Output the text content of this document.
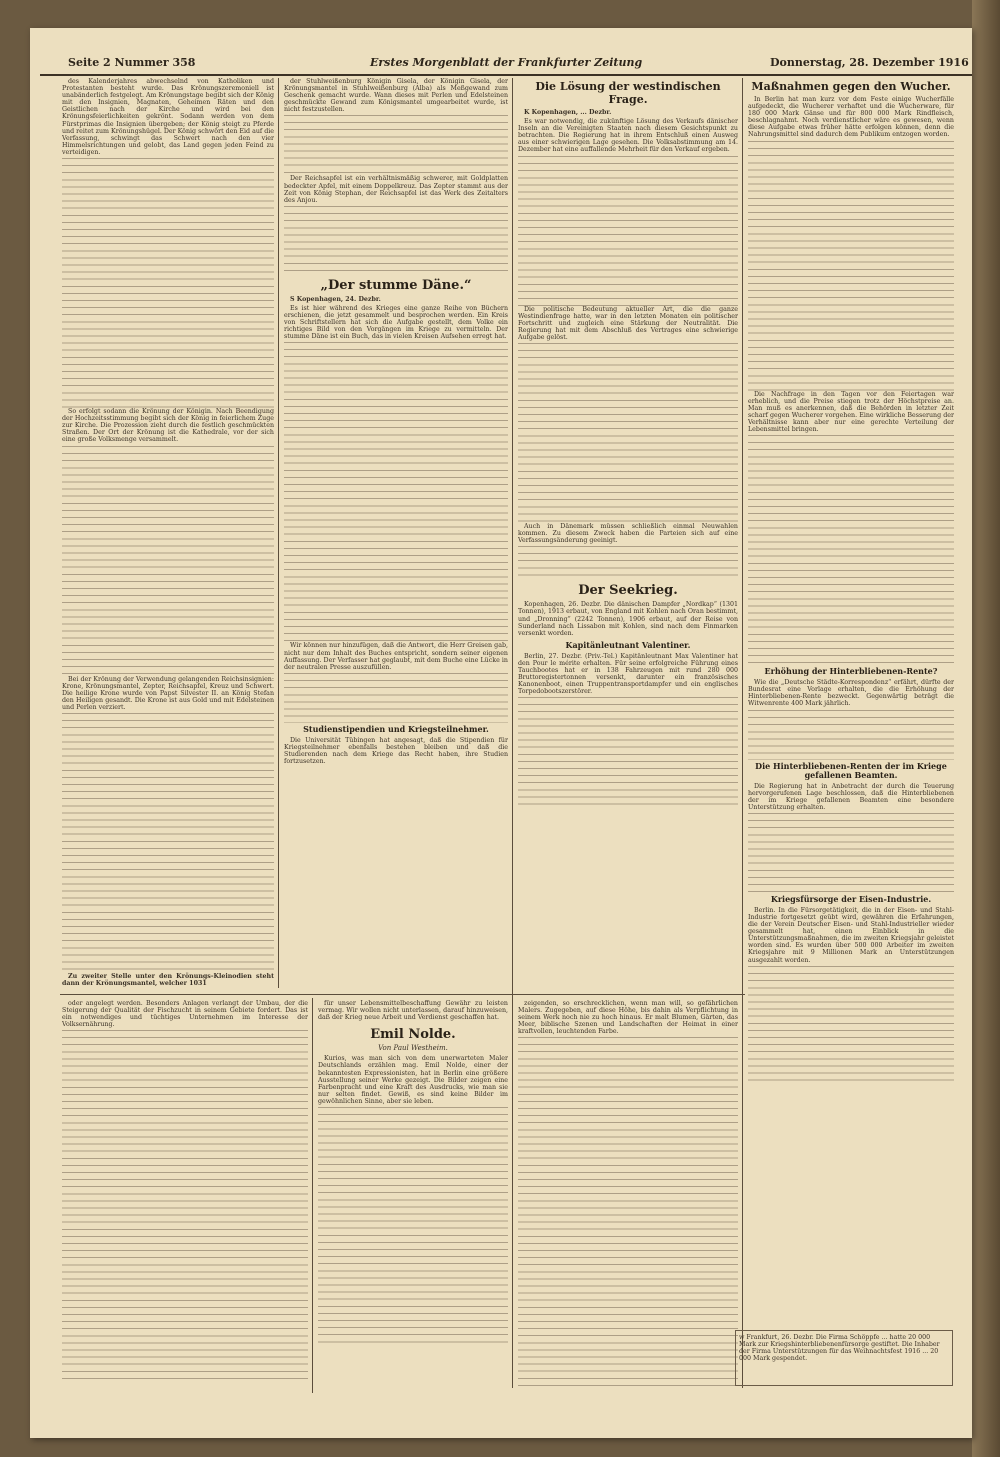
Seite 2 Nummer 358	Erstes Morgenblatt der Frankfurter Zeitung	Donnerstag, 28. Dezember 1916

des Kalenderjahres abwechselnd von Katholiken und Protestanten besteht wurde. Das Krönungszeremoniell ist unabänderlich festgelegt. Am Krönungstage begibt sich der König mit den Insignien, Magnaten, Geheimen Räten und den Geistlichen nach der Kirche und wird bei den Krönungsfeierlichkeiten gekrönt. Sodann werden von dem Fürstprimas die Insignien übergeben; der König steigt zu Pferde und reitet zum Krönungshügel. Der König schwört den Eid auf die Verfassung, schwingt das Schwert nach den vier Himmelsrichtungen und gelobt, das Land gegen jeden Feind zu verteidigen.

So erfolgt sodann die Krönung der Königin. Nach Beendigung der Hochzeitsstimmung begibt sich der König in feierlichem Zuge zur Kirche. Die Prozession zieht durch die festlich geschmückten Straßen. Der Ort der Krönung ist die Kathedrale, vor der sich eine große Volksmenge versammelt.

Bei der Krönung der Verwendung gelangenden Reichsinsignien: Krone, Krönungsmantel, Zepter, Reichsapfel, Kreuz und Schwert. Die heilige Krone wurde von Papst Silvester II. an König Stefan den Heiligen gesandt. Die Krone ist aus Gold und mit Edelsteinen und Perlen verziert.

Zu zweiter Stelle unter den Krönungs-Kleinodien steht dann der Krönungsmantel, welcher 1031

oder angelegt werden. Besonders Anlagen verlangt der Umbau, der die Steigerung der Qualität der Fischzucht in seinem Gebiete fordert. Das ist ein notwendiges und tüchtiges Unternehmen im Interesse der Volksernährung.

der Stuhlweißenburg Königin Gisela, der Königin Gisela, der Krönungsmantel in Stuhlweißenburg (Alba) als Meßgewand zum Geschenk gemacht wurde. Wann dieses mit Perlen und Edelsteinen geschmückte Gewand zum Königsmantel umgearbeitet wurde, ist nicht festzustellen.

Der Reichsapfel ist ein verhältnismäßig schwerer, mit Goldplatten bedeckter Apfel, mit einem Doppelkreuz. Das Zepter stammt aus der Zeit von König Stephan, der Reichsapfel ist das Werk des Zeitalters des Anjou.

„Der stumme Däne.“

S Kopenhagen, 24. Dezbr.

Es ist hier während des Krieges eine ganze Reihe von Büchern erschienen, die jetzt gesammelt und besprochen werden. Ein Kreis von Schriftstellern hat sich die Aufgabe gestellt, dem Volke ein richtiges Bild von den Vorgängen im Kriege zu vermitteln. Der stumme Däne ist ein Buch, das in vielen Kreisen Aufsehen erregt hat.

Wir können nur hinzufügen, daß die Antwort, die Herr Greisen gab, nicht nur dem Inhalt des Buches entspricht, sondern seiner eigenen Auffassung. Der Verfasser hat geglaubt, mit dem Buche eine Lücke in der neutralen Presse auszufüllen.

Studienstipendien und Kriegsteilnehmer.

Die Universität Tübingen hat angesagt, daß die Stipendien für Kriegsteilnehmer ebenfalls bestehen bleiben und daß die Studierenden nach dem Kriege das Recht haben, ihre Studien fortzusetzen.

für unser Lebensmittelbeschaffung Gewähr zu leisten vermag. Wir wollen nicht unterlassen, darauf hinzuweisen, daß der Krieg neue Arbeit und Verdienst geschaffen hat.

Emil Nolde.
Von Paul Westheim.

Kurios, was man sich von dem unerwarteten Maler Deutschlands erzählen mag. Emil Nolde, einer der bekanntesten Expressionisten, hat in Berlin eine größere Ausstellung seiner Werke gezeigt. Die Bilder zeigen eine Farbenpracht und eine Kraft des Ausdrucks, wie man sie nur selten findet. Gewiß, es sind keine Bilder im gewöhnlichen Sinne, aber sie leben.

Die Lösung der westindischen Frage.

K Kopenhagen, ... Dezbr.

Es war notwendig, die zukünftige Lösung des Verkaufs dänischer Inseln an die Vereinigten Staaten nach diesem Gesichtspunkt zu betrachten. Die Regierung hat in ihrem Entschluß einen Ausweg aus einer schwierigen Lage gesehen. Die Volksabstimmung am 14. Dezember hat eine auffallende Mehrheit für den Verkauf ergeben.

Die politische Bedeutung aktueller Art, die die ganze Westindienfrage hatte, war in den letzten Monaten ein politischer Fortschritt und zugleich eine Stärkung der Neutralität. Die Regierung hat mit dem Abschluß des Vertrages eine schwierige Aufgabe gelöst.

Auch in Dänemark müssen schließlich einmal Neuwahlen kommen. Zu diesem Zweck haben die Parteien sich auf eine Verfassungsänderung geeinigt.

Der Seekrieg.

Kopenhagen, 26. Dezbr. Die dänischen Dampfer „Nordkap“ (1301 Tonnen), 1913 erbaut, von England mit Kohlen nach Oran bestimmt, und „Dronning“ (2242 Tonnen), 1906 erbaut, auf der Reise von Sunderland nach Lissabon mit Kohlen, sind nach dem Finmarken versenkt worden.

Kapitänleutnant Valentiner.

Berlin, 27. Dezbr. (Priv.-Tel.) Kapitänleutnant Max Valentiner hat den Pour le mérite erhalten. Für seine erfolgreiche Führung eines Tauchbootes hat er in 138 Fahrzeugen mit rund 280 000 Bruttoregistertonnen versenkt, darunter ein französisches Kanonenboot, einen Truppentransportdampfer und ein englisches Torpedobootszerstörer.

zeigenden, so erschrecklichen, wenn man will, so gefährlichen Malers. Zugegeben, auf diese Höhe, bis dahin als Verpflichtung in seinem Werk noch nie zu hoch hinaus. Er malt Blumen, Gärten, das Meer, biblische Szenen und Landschaften der Heimat in einer kraftvollen, leuchtenden Farbe.

Maßnahmen gegen den Wucher.

In Berlin hat man kurz vor dem Feste einige Wucherfälle aufgedeckt, die Wucherer verhaftet und die Wucherware, für 180 000 Mark Gänse und für 800 000 Mark Rindfleisch, beschlagnahmt. Noch verdienstlicher wäre es gewesen, wenn diese Aufgabe etwas früher hätte erfolgen können, denn die Nahrungsmittel sind dadurch dem Publikum entzogen worden.

Die Nachfrage in den Tagen vor den Feiertagen war erheblich, und die Preise stiegen trotz der Höchstpreise an. Man muß es anerkennen, daß die Behörden in letzter Zeit scharf gegen Wucherer vorgehen. Eine wirkliche Besserung der Verhältnisse kann aber nur eine gerechte Verteilung der Lebensmittel bringen.

Erhöhung der Hinterbliebenen-Rente?

Wie die „Deutsche Städte-Korrespondenz“ erfährt, dürfte der Bundesrat eine Vorlage erhalten, die die Erhöhung der Hinterbliebenen-Rente bezweckt. Gegenwärtig beträgt die Witwenrente 400 Mark jährlich.

Die Hinterbliebenen-Renten der im Kriege gefallenen Beamten.

Die Regierung hat in Anbetracht der durch die Teuerung hervorgerufenen Lage beschlossen, daß die Hinterbliebenen der im Kriege gefallenen Beamten eine besondere Unterstützung erhalten.

Kriegsfürsorge der Eisen-Industrie.

Berlin. In die Fürsorgetätigkeit, die in der Eisen- und Stahl-Industrie fortgesetzt geübt wird, gewähren die Erfahrungen, die der Verein Deutscher Eisen- und Stahl-Industrieller wieder gesammelt hat, einen Einblick in die Unterstützungsmaßnahmen, die im zweiten Kriegsjahr geleistet worden sind. Es wurden über 500 000 Arbeiter im zweiten Kriegsjahre mit 9 Millionen Mark an Unterstützungen ausgezahlt worden.

w Frankfurt, 26. Dezbr. Die Firma Schöppfe ... hatte 20 000 Mark zur Kriegshinterbliebenenfürsorge gestiftet. Die Inhaber der Firma Unterstützungen für das Weihnachtsfest 1916 ... 20 000 Mark gespendet.
